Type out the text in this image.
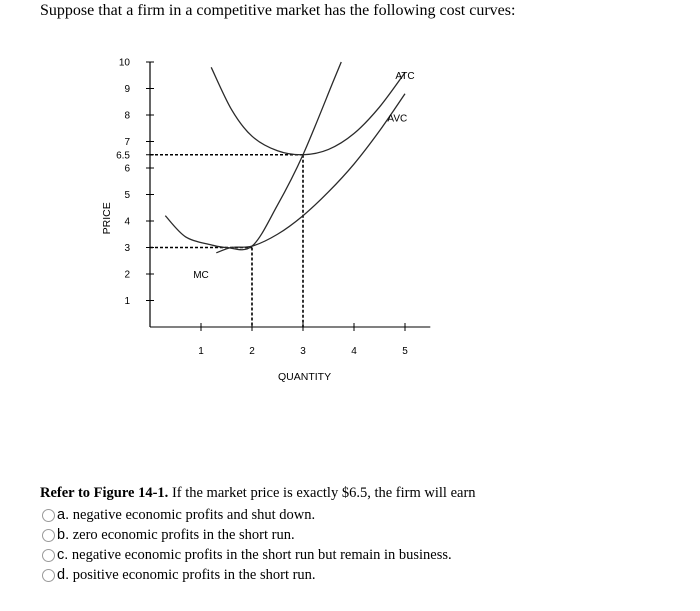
Suppose that a firm in a competitive market has the following cost curves:
1
2
3
4
5
6
6.5
7
8
9
10
1	2	3	4	5
QUANTITY
PRICE
ATC
AVC
MC
Refer to Figure 14-1. If the market price is exactly $6.5, the firm will earn
a. negative economic profits and shut down.
b. zero economic profits in the short run.
c. negative economic profits in the short run but remain in business.
d. positive economic profits in the short run.
